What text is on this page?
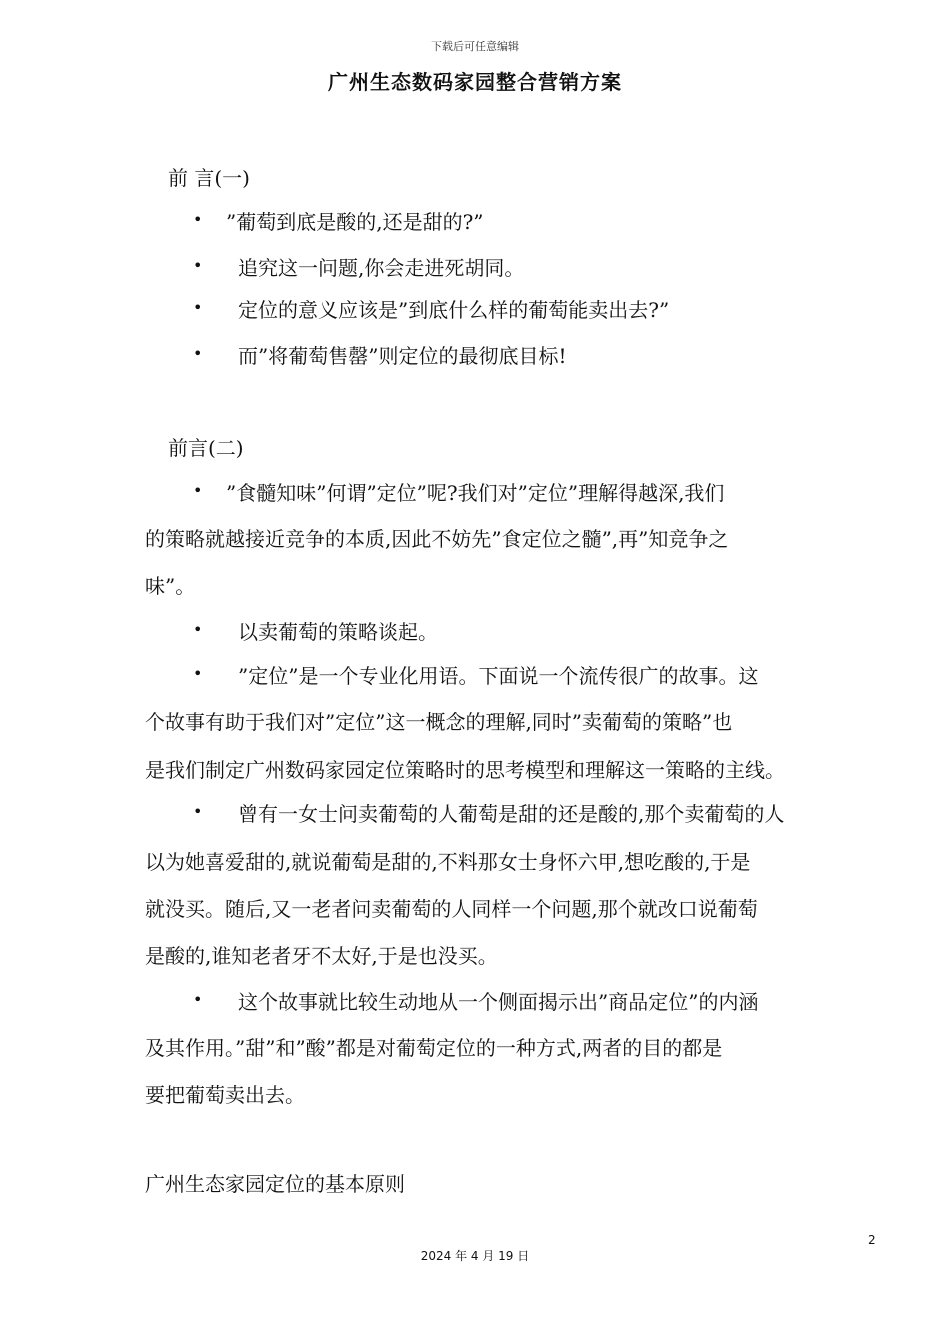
下载后可任意编辑
广州生态数码家园整合营销方案
前 言(一)
• ”葡萄到底是酸的,还是甜的?”
• 追究这一问题,你会走进死胡同。
• 定位的意义应该是”到底什么样的葡萄能卖出去?”
• 而”将葡萄售罄”则定位的最彻底目标!
前言(二)
• ”食髓知味”何谓”定位”呢?我们对”定位”理解得越深,我们
的策略就越接近竞争的本质,因此不妨先”食定位之髓”,再”知竞争之
味”。
• 以卖葡萄的策略谈起。
• ”定位”是一个专业化用语。下面说一个流传很广的故事。这
个故事有助于我们对”定位”这一概念的理解,同时”卖葡萄的策略”也
是我们制定广州数码家园定位策略时的思考模型和理解这一策略的主线。
• 曾有一女士问卖葡萄的人葡萄是甜的还是酸的,那个卖葡萄的人
以为她喜爱甜的,就说葡萄是甜的,不料那女士身怀六甲,想吃酸的,于是
就没买。随后,又一老者问卖葡萄的人同样一个问题,那个就改口说葡萄
是酸的,谁知老者牙不太好,于是也没买。
• 这个故事就比较生动地从一个侧面揭示出”商品定位”的内涵
及其作用。”甜”和”酸”都是对葡萄定位的一种方式,两者的目的都是
要把葡萄卖出去。
广州生态家园定位的基本原则
2
2024 年 4 月 19 日
